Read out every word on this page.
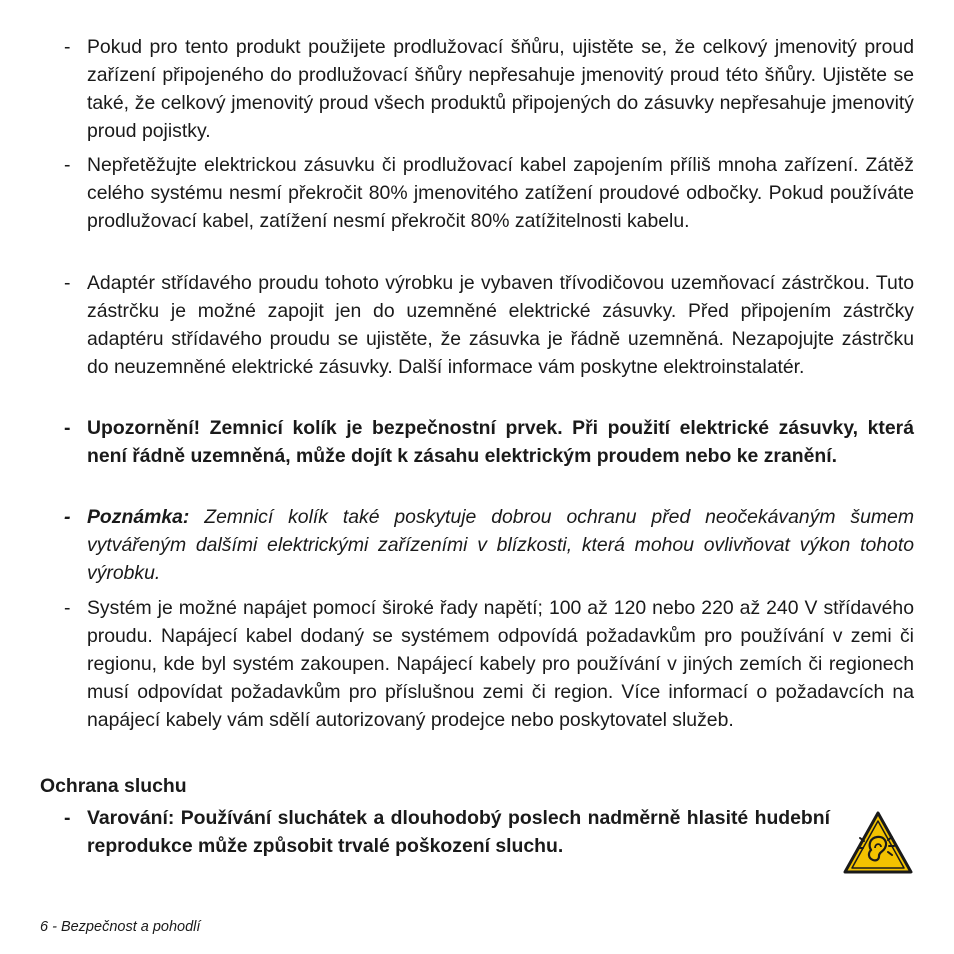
- Pokud pro tento produkt použijete prodlužovací šňůru, ujistěte se, že celkový jmenovitý proud zařízení připojeného do prodlužovací šňůry nepřesahuje jmenovitý proud této šňůry. Ujistěte se také, že celkový jmenovitý proud všech produktů připojených do zásuvky nepřesahuje jmenovitý proud pojistky.
- Nepřetěžujte elektrickou zásuvku či prodlužovací kabel zapojením příliš mnoha zařízení. Zátěž celého systému nesmí překročit 80% jmenovitého zatížení proudové odbočky. Pokud používáte prodlužovací kabel, zatížení nesmí překročit 80% zatížitelnosti kabelu.
- Adaptér střídavého proudu tohoto výrobku je vybaven třívodičovou uzemňovací zástrčkou. Tuto zástrčku je možné zapojit jen do uzemněné elektrické zásuvky. Před připojením zástrčky adaptéru střídavého proudu se ujistěte, že zásuvka je řádně uzemněná. Nezapojujte zástrčku do neuzemněné elektrické zásuvky. Další informace vám poskytne elektroinstalatér.
- Upozornění! Zemnicí kolík je bezpečnostní prvek. Při použití elektrické zásuvky, která není řádně uzemněná, může dojít k zásahu elektrickým proudem nebo ke zranění.
- Poznámka: Zemnicí kolík také poskytuje dobrou ochranu před neočekávaným šumem vytvářeným dalšími elektrickými zařízeními v blízkosti, která mohou ovlivňovat výkon tohoto výrobku.
- Systém je možné napájet pomocí široké řady napětí; 100 až 120 nebo 220 až 240 V střídavého proudu. Napájecí kabel dodaný se systémem odpovídá požadavkům pro používání v zemi či regionu, kde byl systém zakoupen. Napájecí kabely pro používání v jiných zemích či regionech musí odpovídat požadavkům pro příslušnou zemi či region. Více informací o požadavcích na napájecí kabely vám sdělí autorizovaný prodejce nebo poskytovatel služeb.
Ochrana sluchu
- Varování: Používání sluchátek a dlouhodobý poslech nadměrně hlasité hudební reprodukce může způsobit trvalé poškození sluchu.
6 - Bezpečnost a pohodlí
